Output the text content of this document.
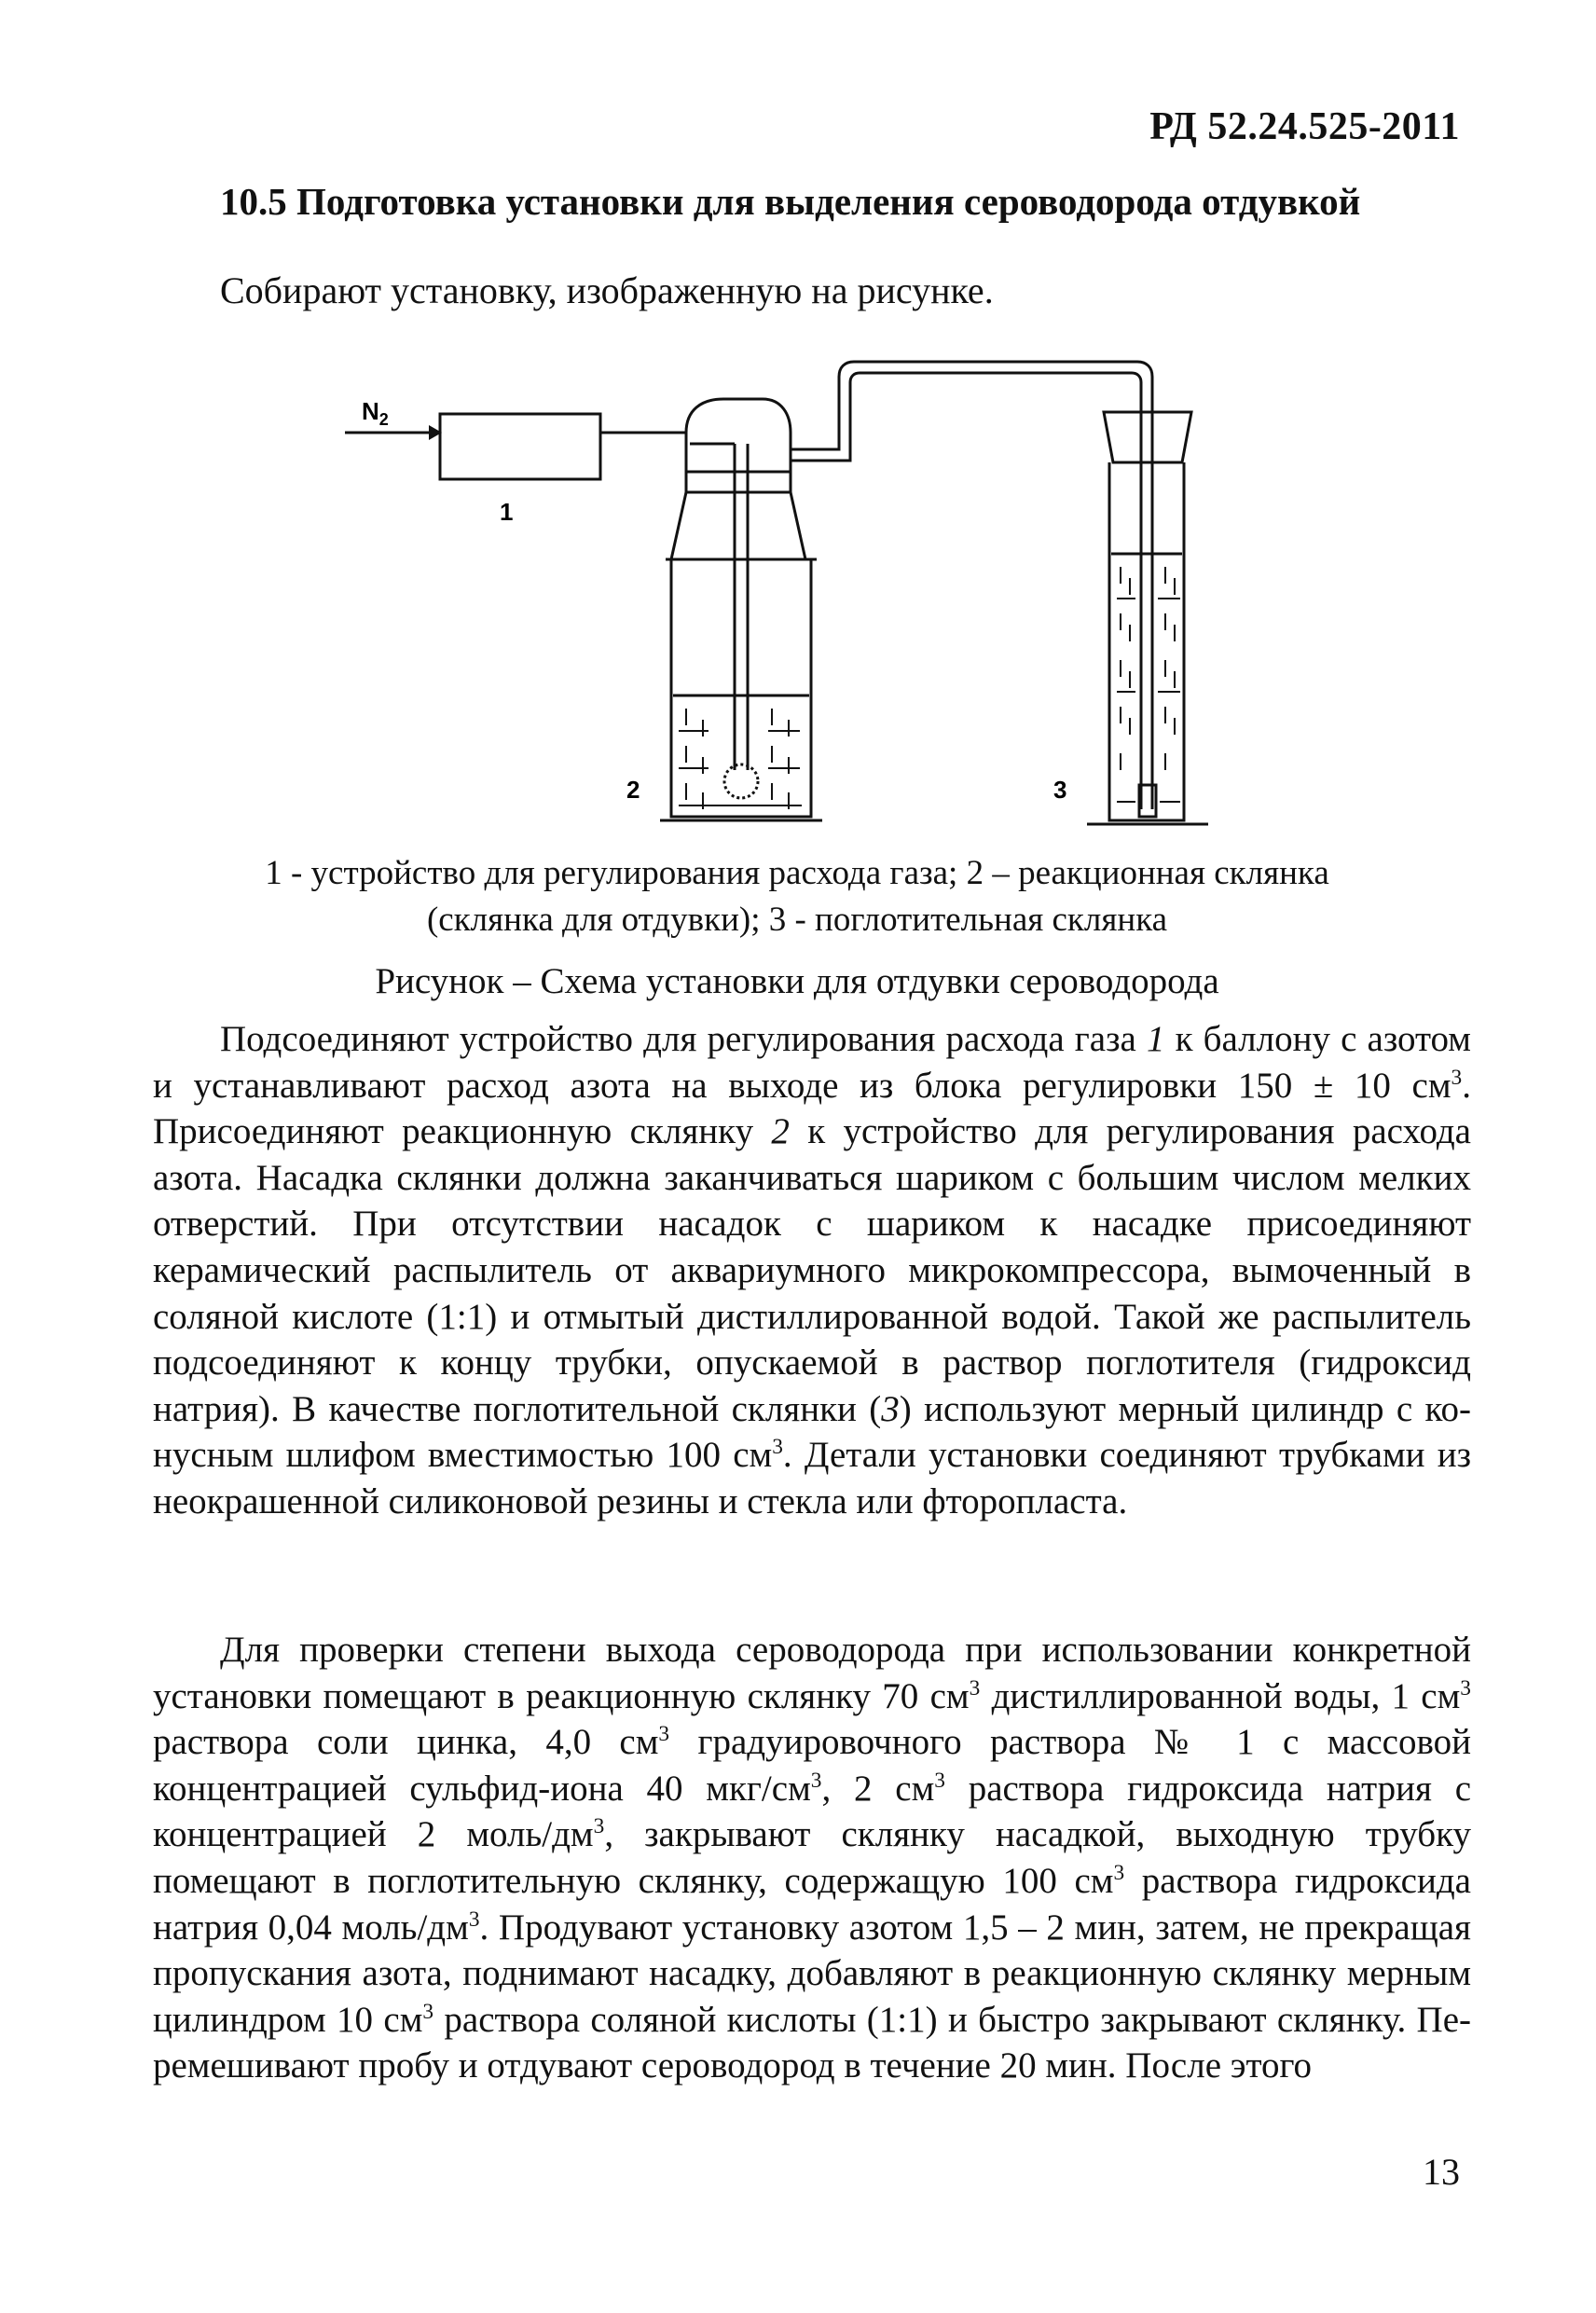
РД 52.24.525-2011
10.5 Подготовка установки для выделения сероводорода отдувкой
Собирают установку, изображенную на рисунке.
$N_2$
1
2	3
1 - устройство для регулирования расхода газа; 2 – реакционная склянка
(склянка для отдувки); 3 - поглотительная склянка
Рисунок – Схема установки для отдувки сероводорода
Подсоединяют устройство для регулирования расхода газа 1 к баллону с азотом и устанавливают расход азота на выходе из блока регулировки 150 ± 10 $см^3$. Присоединяют реакционную склянку 2 к устройство для регулирования расхода азота. Насадка склянки должна заканчиваться шариком с большим числом мелких отверстий. При отсутствии насадок с шариком к насадке присоединяют керамический распылитель от аквариумного микрокомпрессора, вымоченный в соляной кислоте (1:1) и отмытый дистиллированной водой. Такой же распылитель подсоединяют к концу трубки, опускаемой в раствор поглотителя (гидроксид натрия). В качестве поглотительной склянки (3) используют мерный цилиндр с конусным шлифом вместимостью 100 $см^3$. Детали установки соединяют трубками из неокрашенной силиконовой резины и стекла или фторопласта.
Для проверки степени выхода сероводорода при использовании конкретной установки помещают в реакционную склянку 70 $см^3$ дистиллированной воды, 1 $см^3$ раствора соли цинка, 4,0 $см^3$ градуировочного раствора № 1 с массовой концентрацией сульфид-иона 40 мкг/$см^3$, 2 $см^3$ раствора гидроксида натрия с концентрацией 2 моль/$дм^3$, закрывают склянку насадкой, выходную трубку помещают в поглотительную склянку, содержащую 100 $см^3$ раствора гидроксида натрия 0,04 моль/$дм^3$. Продувают установку азотом 1,5 – 2 мин, затем, не прекращая пропускания азота, поднимают насадку, добавляют в реакционную склянку мерным цилиндром 10 $см^3$ раствора соляной кислоты (1:1) и быстро закрывают склянку. Перемешивают пробу и отдувают сероводород в течение 20 мин. После этого
13
